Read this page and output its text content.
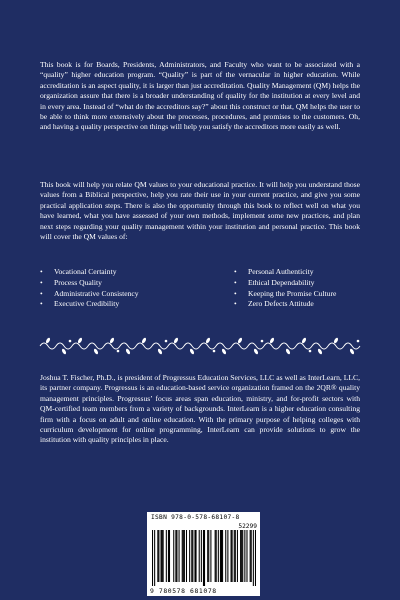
This book is for Boards, Presidents, Administrators, and Faculty who want to be associated with a “quality” higher education program. “Quality” is part of the vernacular in higher education. While accreditation is an aspect quality, it is larger than just accreditation. Quality Management (QM) helps the organization assure that there is a broader understanding of quality for the institution at every level and in every area. Instead of “what do the accreditors say?” about this construct or that, QM helps the user to be able to think more extensively about the processes, procedures, and promises to the customers. Oh, and having a quality perspective on things will help you satisfy the accreditors more easily as well.

This book will help you relate QM values to your educational practice. It will help you understand those values from a Biblical perspective, help you rate their use in your current practice, and give you some practical application steps. There is also the opportunity through this book to reflect well on what you have learned, what you have assessed of your own methods, implement some new practices, and plan next steps regarding your quality management within your institution and personal practice. This book will cover the QM values of:

•	Vocational Certainty	•	Personal Authenticity
•	Process Quality	•	Ethical Dependability
•	Administrative Consistency	•	Keeping the Promise Culture
•	Executive Credibility	•	Zero Defects Attitude

Joshua T. Fischer, Ph.D., is president of Progressus Education Services, LLC as well as InterLearn, LLC, its partner company. Progressus is an education-based service organization framed on the 2QR® quality management principles. Progressus’ focus areas span education, ministry, and for-profit sectors with QM-certified team members from a variety of backgrounds. InterLearn is a higher education consulting firm with a focus on adult and online education. With the primary purpose of helping colleges with curriculum development for online programming, InterLearn can provide solutions to grow the institution with quality principles in place.

ISBN 978-0-578-68107-8
52299
9 780578 681078
